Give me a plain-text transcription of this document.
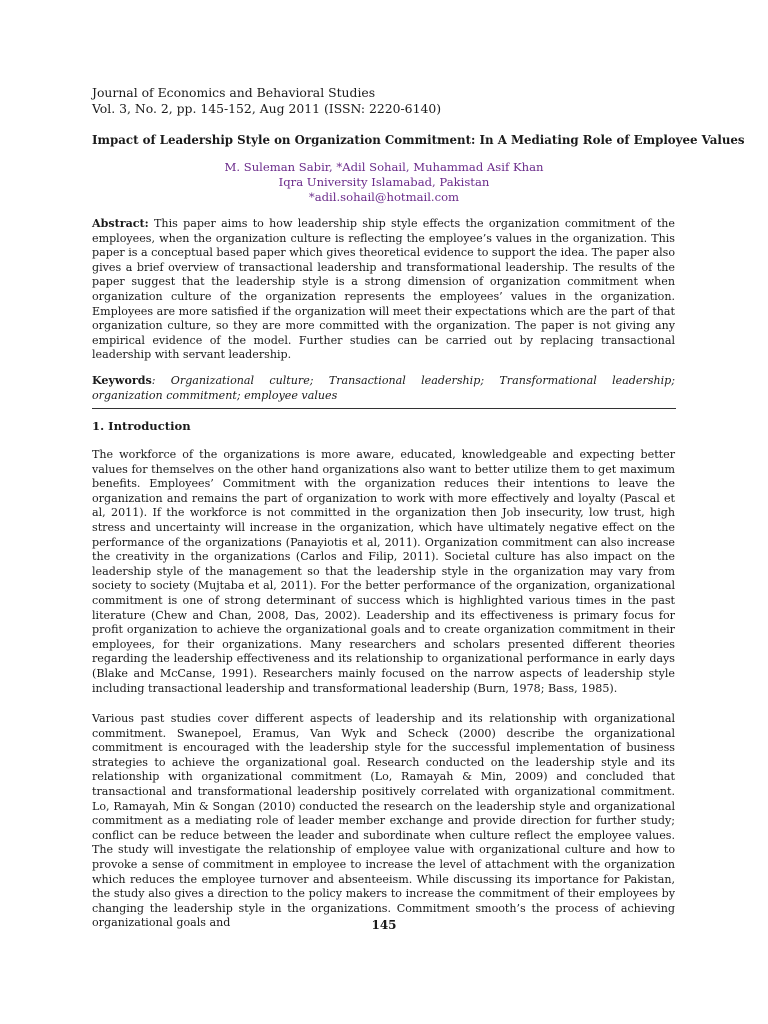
Journal of Economics and Behavioral Studies
Vol. 3, No. 2, pp. 145-152, Aug 2011 (ISSN: 2220-6140)
Impact of Leadership Style on Organization Commitment: In A Mediating Role of Employee Values
M. Suleman Sabir, *Adil Sohail, Muhammad Asif Khan
Iqra University Islamabad, Pakistan
*adil.sohail@hotmail.com
Abstract: This paper aims to how leadership ship style effects the organization commitment of the employees, when the organization culture is reflecting the employee’s values in the organization. This paper is a conceptual based paper which gives theoretical evidence to support the idea. The paper also gives a brief overview of transactional leadership and transformational leadership. The results of the paper suggest that the leadership style is a strong dimension of organization commitment when organization culture of the organization represents the employees’ values in the organization. Employees are more satisfied if the organization will meet their expectations which are the part of that organization culture, so they are more committed with the organization. The paper is not giving any empirical evidence of the model. Further studies can be carried out by replacing transactional leadership with servant leadership.
Keywords: Organizational culture; Transactional leadership; Transformational leadership; organization commitment; employee values
1. Introduction
The workforce of the organizations is more aware, educated, knowledgeable and expecting better values for themselves on the other hand organizations also want to better utilize them to get maximum benefits. Employees’ Commitment with the organization reduces their intentions to leave the organization and remains the part of organization to work with more effectively and loyalty (Pascal et al, 2011). If the workforce is not committed in the organization then Job insecurity, low trust, high stress and uncertainty will increase in the organization, which have ultimately negative effect on the performance of the organizations (Panayiotis et al, 2011). Organization commitment can also increase the creativity in the organizations (Carlos and Filip, 2011). Societal culture has also impact on the leadership style of the management so that the leadership style in the organization may vary from society to society (Mujtaba et al, 2011). For the better performance of the organization, organizational commitment is one of strong determinant of success which is highlighted various times in the past literature (Chew and Chan, 2008, Das, 2002). Leadership and its effectiveness is primary focus for profit organization to achieve the organizational goals and to create organization commitment in their employees, for their organizations. Many researchers and scholars presented different theories regarding the leadership effectiveness and its relationship to organizational performance in early days (Blake and McCanse, 1991). Researchers mainly focused on the narrow aspects of leadership style including transactional leadership and transformational leadership (Burn, 1978; Bass, 1985).
Various past studies cover different aspects of leadership and its relationship with organizational commitment. Swanepoel, Eramus, Van Wyk and Scheck (2000) describe the organizational commitment is encouraged with the leadership style for the successful implementation of business strategies to achieve the organizational goal. Research conducted on the leadership style and its relationship with organizational commitment (Lo, Ramayah & Min, 2009) and concluded that transactional and transformational leadership positively correlated with organizational commitment. Lo, Ramayah, Min & Songan (2010) conducted the research on the leadership style and organizational commitment as a mediating role of leader member exchange and provide direction for further study; conflict can be reduce between the leader and subordinate when culture reflect the employee values. The study will investigate the relationship of employee value with organizational culture and how to provoke a sense of commitment in employee to increase the level of attachment with the organization which reduces the employee turnover and absenteeism. While discussing its importance for Pakistan, the study also gives a direction to the policy makers to increase the commitment of their employees by changing the leadership style in the organizations. Commitment smooth’s the process of achieving organizational goals and	145
